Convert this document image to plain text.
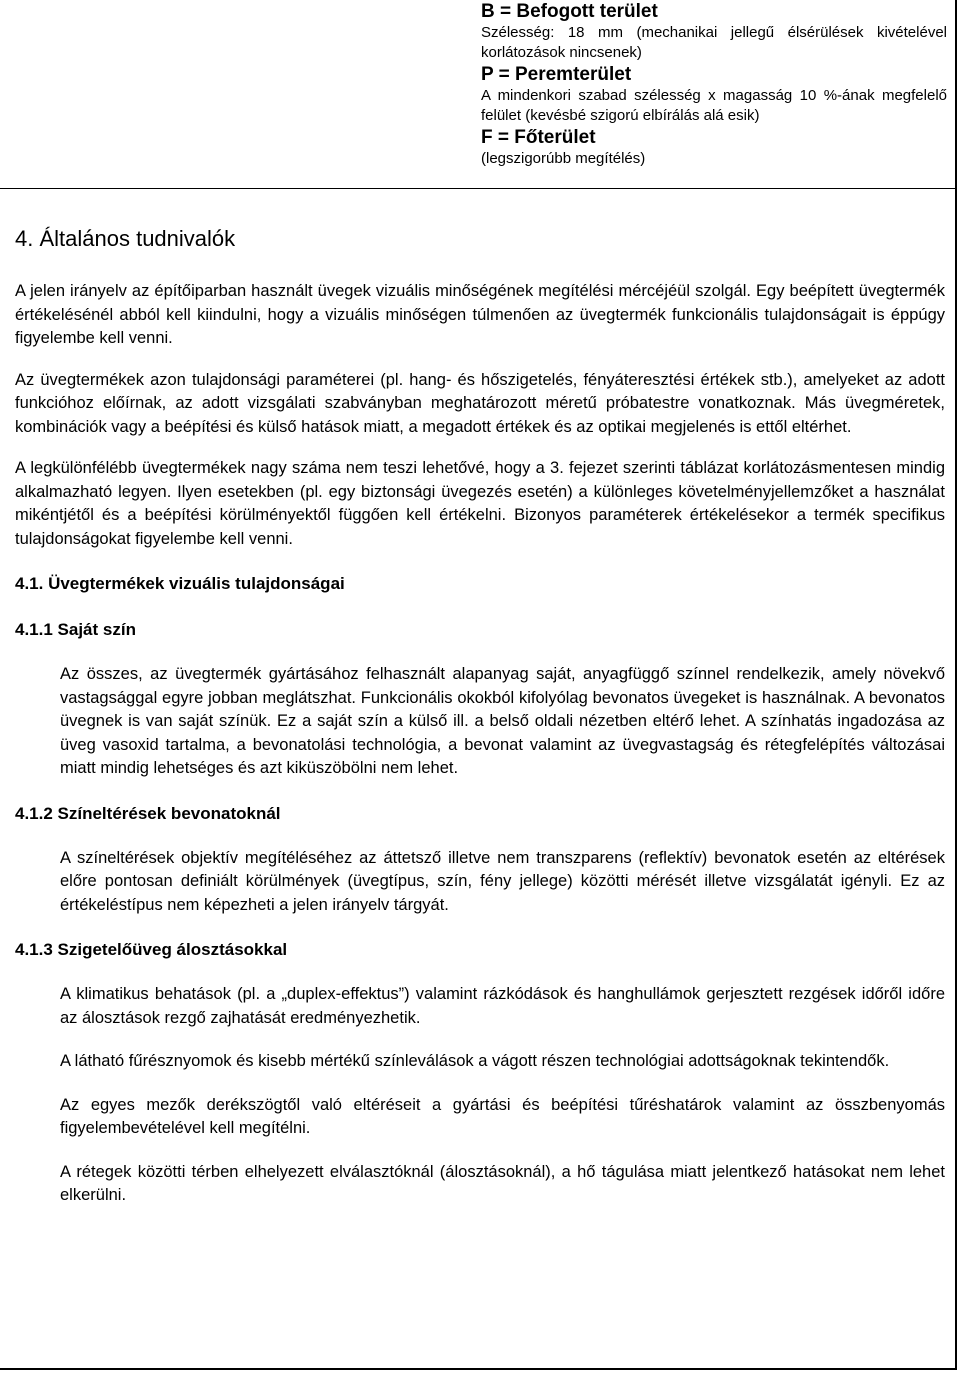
B = Befogott terület

Szélesség: 18 mm (mechanikai jellegű élsérülések kivételével korlátozások nincsenek)

P = Peremterület

A mindenkori szabad szélesség x magasság 10 %-ának megfelelő felület (kevésbé szigorú elbírálás alá esik)

F = Főterület

(legszigorúbb megítélés)

4. Általános tudnivalók

A jelen irányelv az építőiparban használt üvegek vizuális minőségének megítélési mércéjéül szolgál. Egy beépített üvegtermék értékelésénél abból kell kiindulni, hogy a vizuális minőségen túlmenően az üvegtermék funkcionális tulajdonságait is éppúgy figyelembe kell venni.

Az üvegtermékek azon tulajdonsági paraméterei (pl. hang- és hőszigetelés, fényáteresztési értékek stb.), amelyeket az adott funkcióhoz előírnak, az adott vizsgálati szabványban meghatározott méretű próbatestre vonatkoznak. Más üvegméretek, kombinációk vagy a beépítési és külső hatások miatt, a megadott értékek és az optikai megjelenés is ettől eltérhet.

A legkülönfélébb üvegtermékek nagy száma nem teszi lehetővé, hogy a 3. fejezet szerinti táblázat korlátozásmentesen mindig alkalmazható legyen. Ilyen esetekben (pl. egy biztonsági üvegezés esetén) a különleges követelményjellemzőket a használat mikéntjétől és a beépítési körülményektől függően kell értékelni. Bizonyos paraméterek értékelésekor a termék specifikus tulajdonságokat figyelembe kell venni.

4.1. Üvegtermékek vizuális tulajdonságai
4.1.1 Saját szín

Az összes, az üvegtermék gyártásához felhasznált alapanyag saját, anyagfüggő színnel rendelkezik, amely növekvő vastagsággal egyre jobban meglátszhat. Funkcionális okokból kifolyólag bevonatos üvegeket is használnak. A bevonatos üvegnek is van saját színük. Ez a saját szín a külső ill. a belső oldali nézetben eltérő lehet. A színhatás ingadozása az üveg vasoxid tartalma, a bevonatolási technológia, a bevonat valamint az üvegvastagság és rétegfelépítés változásai miatt mindig lehetséges és azt kiküszöbölni nem lehet.

4.1.2 Színeltérések bevonatoknál

A színeltérések objektív megítéléséhez az áttetsző illetve nem transzparens (reflektív) bevonatok esetén az eltérések előre pontosan definiált körülmények (üvegtípus, szín, fény jellege) közötti mérését illetve vizsgálatát igényli. Ez az értékeléstípus nem képezheti a jelen irányelv tárgyát.

4.1.3 Szigetelőüveg álosztásokkal

A klimatikus behatások (pl. a „duplex-effektus”) valamint rázkódások és hanghullámok gerjesztett rezgések időről időre az álosztások rezgő zajhatását eredményezhetik.

A látható fűrésznyomok és kisebb mértékű színleválások a vágott részen technológiai adottságoknak tekintendők.

Az egyes mezők derékszögtől való eltéréseit a gyártási és beépítési tűréshatárok valamint az összbenyomás figyelembevételével kell megítélni.

A rétegek közötti térben elhelyezett elválasztóknál (álosztásoknál), a hő tágulása miatt jelentkező hatásokat nem lehet elkerülni.
